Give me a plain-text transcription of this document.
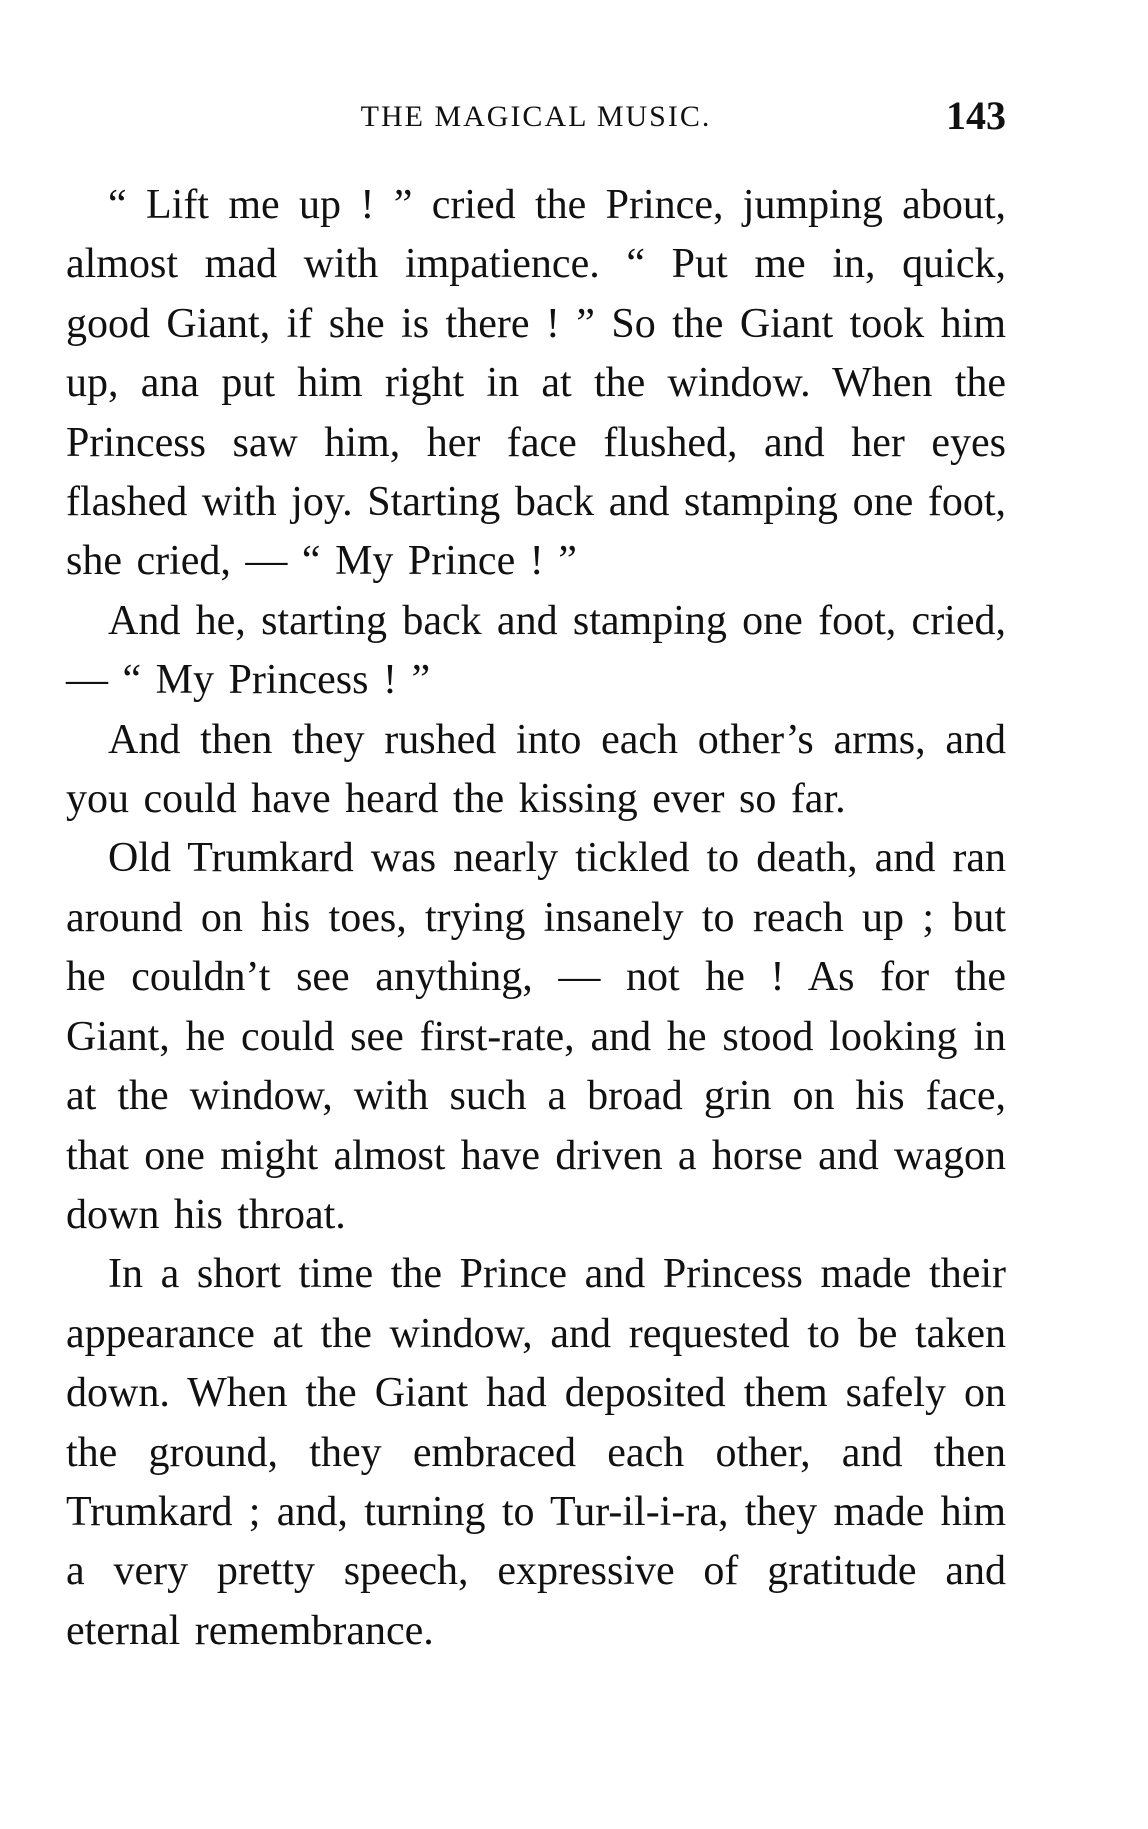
THE MAGICAL MUSIC.	143

“ Lift me up ! ” cried the Prince, jumping about, almost mad with impatience. “ Put me in, quick, good Giant, if she is there ! ” So the Giant took him up, ana put him right in at the window. When the Princess saw him, her face flushed, and her eyes flashed with joy. Starting back and stamping one foot, she cried, — “ My Prince ! ”

And he, starting back and stamping one foot, cried, — “ My Princess ! ”

And then they rushed into each other’s arms, and you could have heard the kissing ever so far.

Old Trumkard was nearly tickled to death, and ran around on his toes, trying insanely to reach up ; but he couldn’t see anything, — not he ! As for the Giant, he could see first-rate, and he stood looking in at the window, with such a broad grin on his face, that one might almost have driven a horse and wagon down his throat.

In a short time the Prince and Princess made their appearance at the window, and requested to be taken down. When the Giant had deposited them safely on the ground, they embraced each other, and then Trumkard ; and, turning to Tur-il-i-ra, they made him a very pretty speech, expressive of gratitude and eternal remembrance.
